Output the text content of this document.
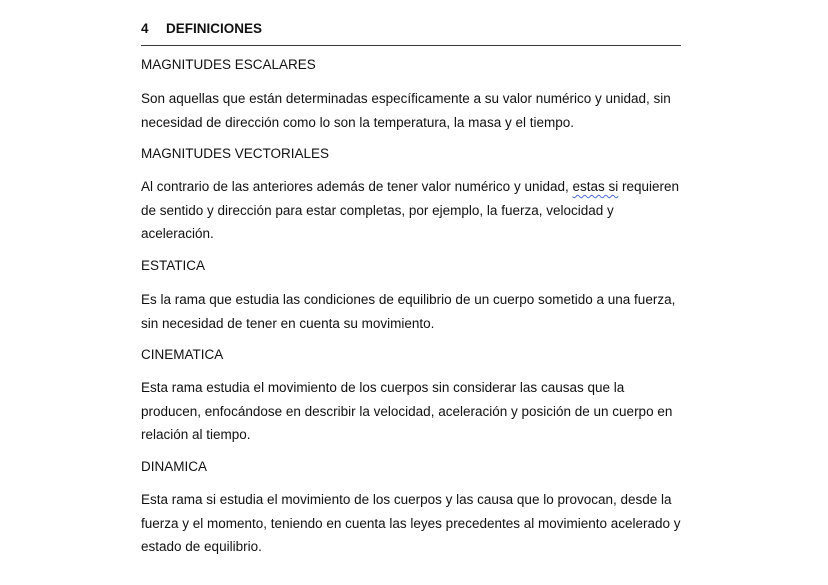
4 DEFINICIONES
MAGNITUDES ESCALARES
Son aquellas que están determinadas específicamente a su valor numérico y unidad, sin
necesidad de dirección como lo son la temperatura, la masa y el tiempo.
MAGNITUDES VECTORIALES
Al contrario de las anteriores además de tener valor numérico y unidad, estas si requieren
de sentido y dirección para estar completas, por ejemplo, la fuerza, velocidad y
aceleración.
ESTATICA
Es la rama que estudia las condiciones de equilibrio de un cuerpo sometido a una fuerza,
sin necesidad de tener en cuenta su movimiento.
CINEMATICA
Esta rama estudia el movimiento de los cuerpos sin considerar las causas que la
producen, enfocándose en describir la velocidad, aceleración y posición de un cuerpo en
relación al tiempo.
DINAMICA
Esta rama si estudia el movimiento de los cuerpos y las causa que lo provocan, desde la
fuerza y el momento, teniendo en cuenta las leyes precedentes al movimiento acelerado y
estado de equilibrio.
